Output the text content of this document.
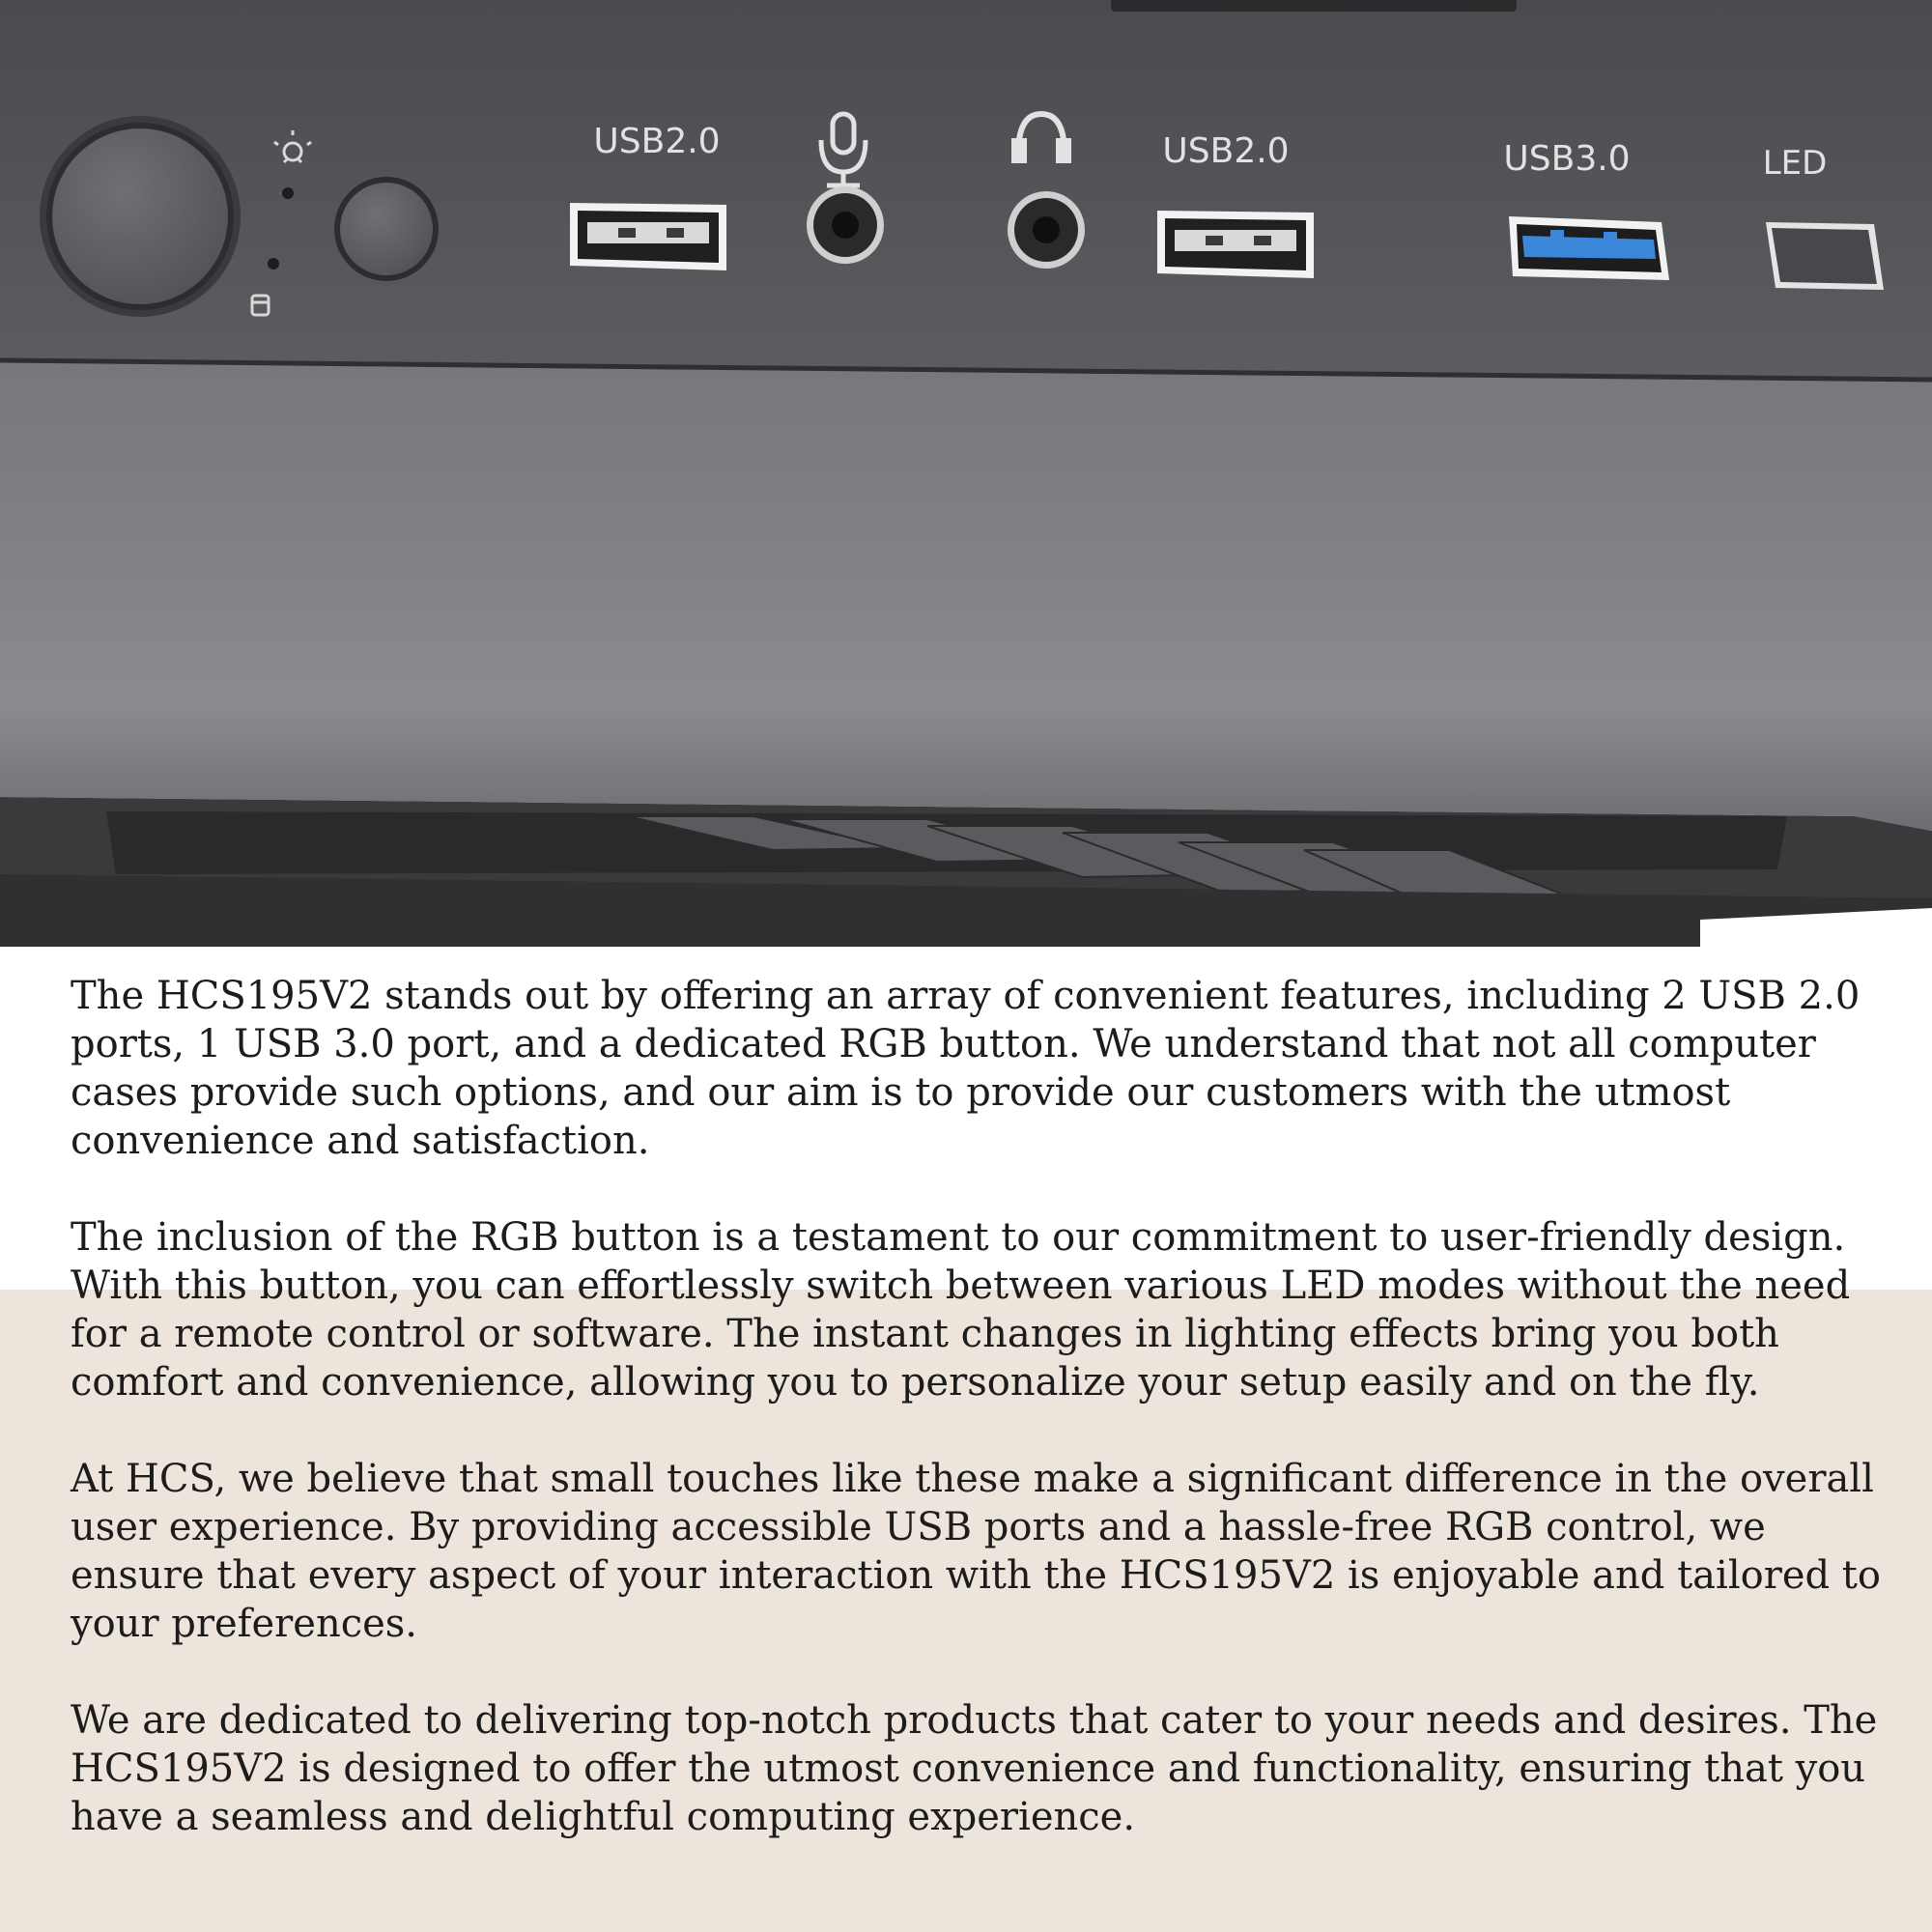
USB2.0	USB2.0	USB3.0	LED

The HCS195V2 stands out by offering an array of convenient features, including 2 USB 2.0 ports, 1 USB 3.0 port, and a dedicated RGB button. We understand that not all computer cases provide such options, and our aim is to provide our customers with the utmost convenience and satisfaction.

The inclusion of the RGB button is a testament to our commitment to user-friendly design. With this button, you can effortlessly switch between various LED modes without the need for a remote control or software. The instant changes in lighting effects bring you both comfort and convenience, allowing you to personalize your setup easily and on the fly.

At HCS, we believe that small touches like these make a significant difference in the overall user experience. By providing accessible USB ports and a hassle-free RGB control, we ensure that every aspect of your interaction with the HCS195V2 is enjoyable and tailored to your preferences.

We are dedicated to delivering top-notch products that cater to your needs and desires. The HCS195V2 is designed to offer the utmost convenience and functionality, ensuring that you have a seamless and delightful computing experience.
